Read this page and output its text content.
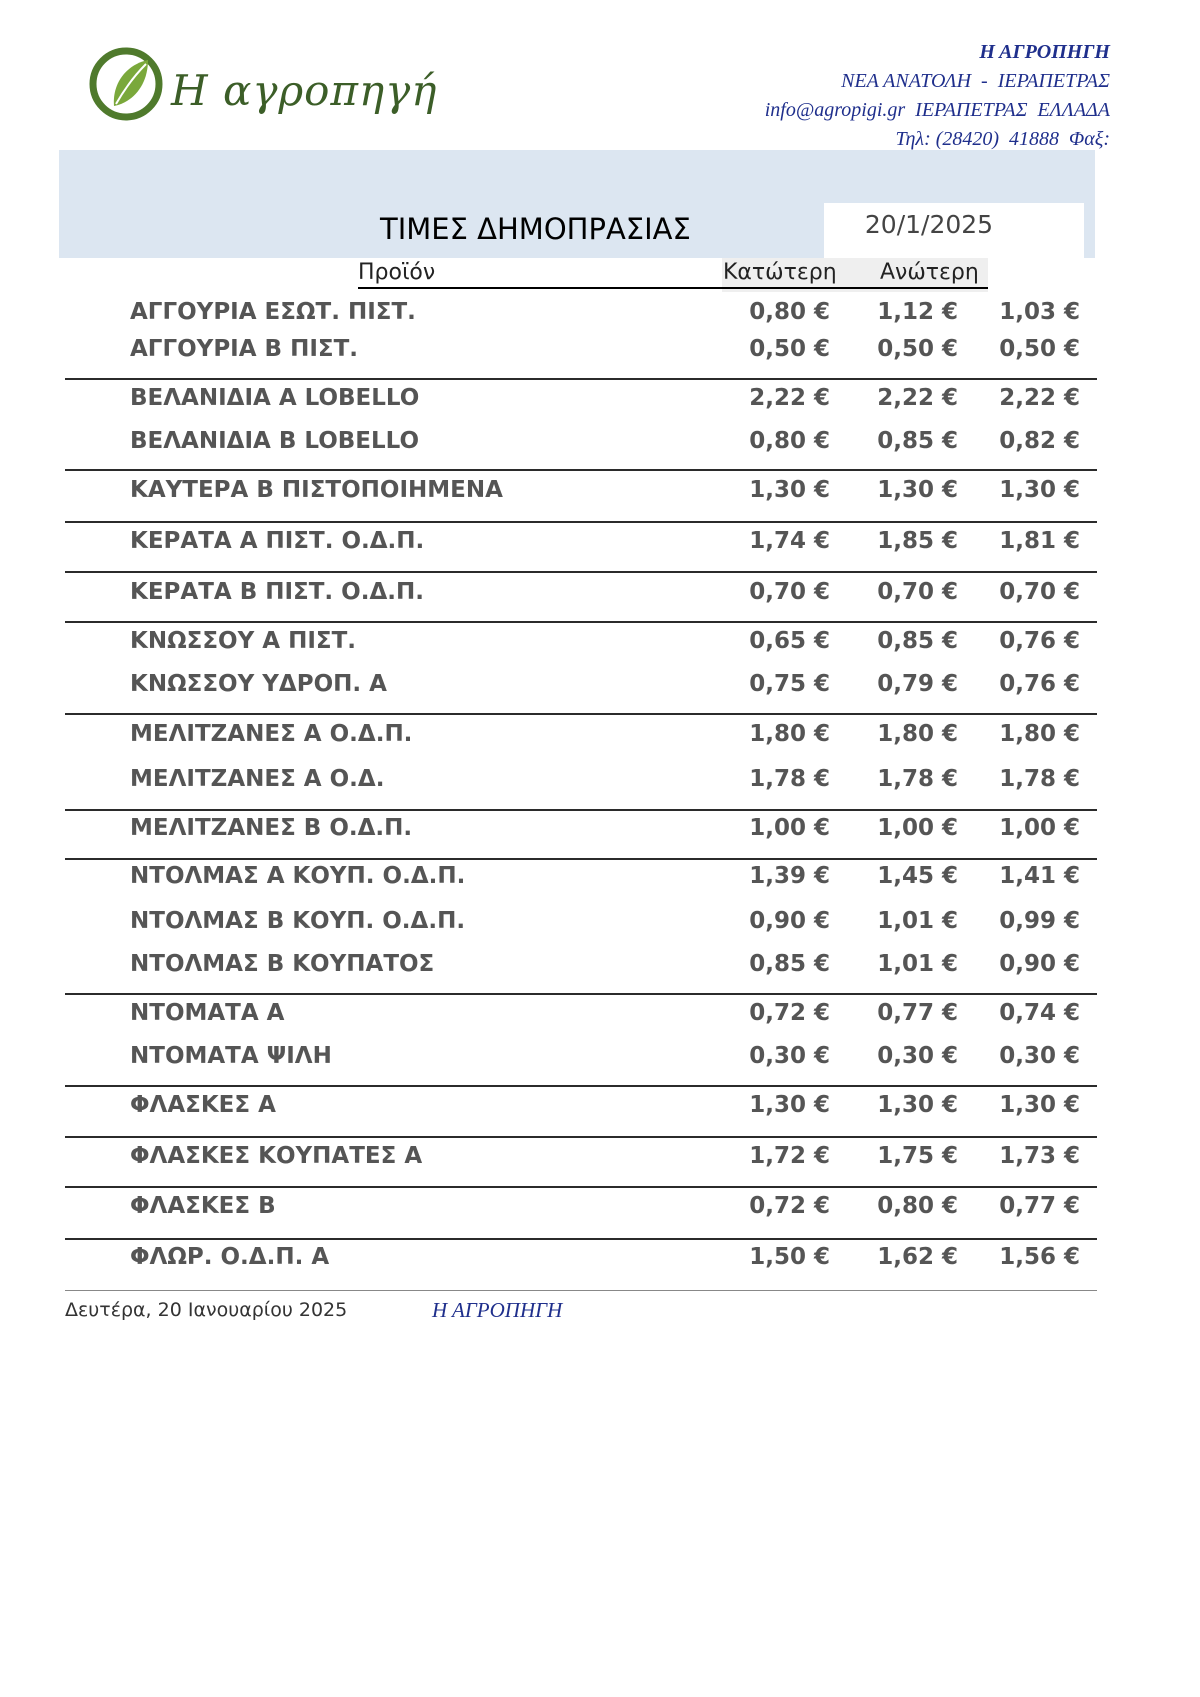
Η αγροπηγή
Η ΑΓΡΟΠΗΓΗ
ΝΕΑ ΑΝΑΤΟΛΗ  -  ΙΕΡΑΠΕΤΡΑΣ
info@agropigi.gr  ΙΕΡΑΠΕΤΡΑΣ  ΕΛΛΑΔΑ
Τηλ: (28420)  41888  Φαξ:
20/1/2025
ΤΙΜΕΣ ΔΗΜΟΠΡΑΣΙΑΣ
Προϊόν	Κατώτερη Ανώτερη
ΑΓΓΟΥΡΙΑ ΕΣΩΤ. ΠΙΣΤ.	0,80 € 1,12 € 1,03 €
ΑΓΓΟΥΡΙΑ Β ΠΙΣΤ.	0,50 € 0,50 € 0,50 €
ΒΕΛΑΝΙΔΙΑ Α LOBELLO	2,22 € 2,22 € 2,22 €
ΒΕΛΑΝΙΔΙΑ Β LOBELLO	0,80 € 0,85 € 0,82 €
ΚΑΥΤΕΡΑ Β ΠΙΣΤΟΠΟΙΗΜΕΝΑ	1,30 € 1,30 € 1,30 €
ΚΕΡΑΤΑ Α ΠΙΣΤ. Ο.Δ.Π.	1,74 € 1,85 € 1,81 €
ΚΕΡΑΤΑ Β ΠΙΣΤ. Ο.Δ.Π.	0,70 € 0,70 € 0,70 €
ΚΝΩΣΣΟΥ Α ΠΙΣΤ.	0,65 € 0,85 € 0,76 €
ΚΝΩΣΣΟΥ ΥΔΡΟΠ. Α	0,75 € 0,79 € 0,76 €
ΜΕΛΙΤΖΑΝΕΣ Α Ο.Δ.Π.	1,80 € 1,80 € 1,80 €
ΜΕΛΙΤΖΑΝΕΣ Α Ο.Δ.	1,78 € 1,78 € 1,78 €
ΜΕΛΙΤΖΑΝΕΣ Β Ο.Δ.Π.	1,00 € 1,00 € 1,00 €
ΝΤΟΛΜΑΣ Α ΚΟΥΠ. Ο.Δ.Π.	1,39 € 1,45 € 1,41 €
ΝΤΟΛΜΑΣ Β ΚΟΥΠ. Ο.Δ.Π.	0,90 € 1,01 € 0,99 €
ΝΤΟΛΜΑΣ Β ΚΟΥΠΑΤΟΣ	0,85 € 1,01 € 0,90 €
ΝΤΟΜΑΤΑ Α	0,72 € 0,77 € 0,74 €
ΝΤΟΜΑΤΑ ΨΙΛΗ	0,30 € 0,30 € 0,30 €
ΦΛΑΣΚΕΣ Α	1,30 € 1,30 € 1,30 €
ΦΛΑΣΚΕΣ ΚΟΥΠΑΤΕΣ Α	1,72 € 1,75 € 1,73 €
ΦΛΑΣΚΕΣ Β	0,72 € 0,80 € 0,77 €
ΦΛΩΡ. Ο.Δ.Π. Α	1,50 € 1,62 € 1,56 €
Δευτέρα, 20 Ιανουαρίου 2025	Η ΑΓΡΟΠΗΓΗ
